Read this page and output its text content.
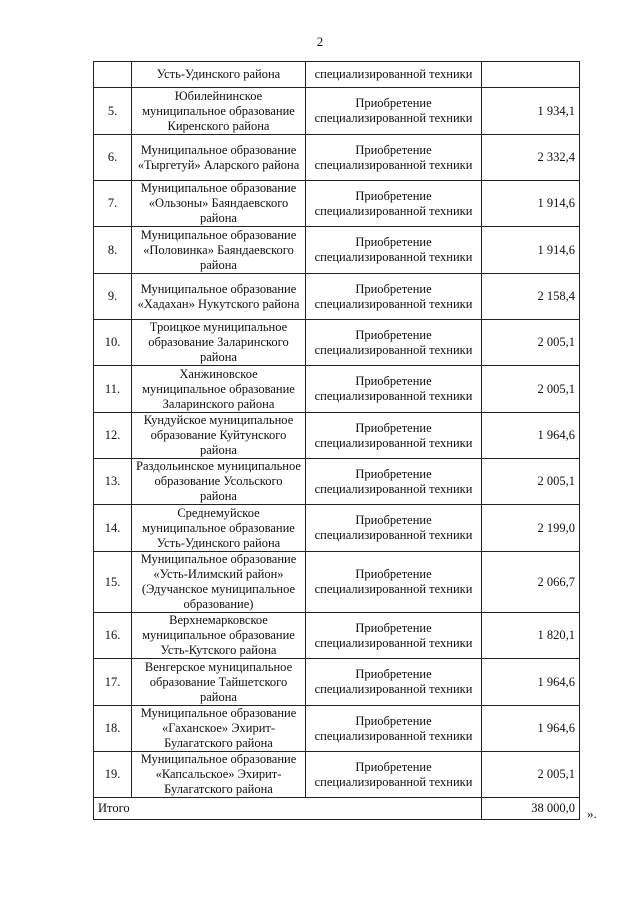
2
	Усть-Удинского района	специализированной техники	
5.	Юбилейнинское муниципальное образование Киренского района	Приобретение специализированной техники	1 934,1
6.	Муниципальное образование «Тыргетуй» Аларского района	Приобретение специализированной техники	2 332,4
7.	Муниципальное образование «Ользоны» Баяндаевского района	Приобретение специализированной техники	1 914,6
8.	Муниципальное образование «Половинка» Баяндаевского района	Приобретение специализированной техники	1 914,6
9.	Муниципальное образование «Хадахан» Нукутского района	Приобретение специализированной техники	2 158,4
10.	Троицкое муниципальное образование Заларинского района	Приобретение специализированной техники	2 005,1
11.	Ханжиновское муниципальное образование Заларинского района	Приобретение специализированной техники	2 005,1
12.	Кундуйское муниципальное образование Куйтунского района	Приобретение специализированной техники	1 964,6
13.	Раздольинское муниципальное образование Усольского района	Приобретение специализированной техники	2 005,1
14.	Среднемуйское муниципальное образование Усть-Удинского района	Приобретение специализированной техники	2 199,0
15.	Муниципальное образование «Усть-Илимский район» (Эдучанское муниципальное образование)	Приобретение специализированной техники	2 066,7
16.	Верхнемарковское муниципальное образование Усть-Кутского района	Приобретение специализированной техники	1 820,1
17.	Венгерское муниципальное образование Тайшетского района	Приобретение специализированной техники	1 964,6
18.	Муниципальное образование «Гаханское» Эхирит-Булагатского района	Приобретение специализированной техники	1 964,6
19.	Муниципальное образование «Капсальское» Эхирит-Булагатского района	Приобретение специализированной техники	2 005,1
Итого			38 000,0 ».
